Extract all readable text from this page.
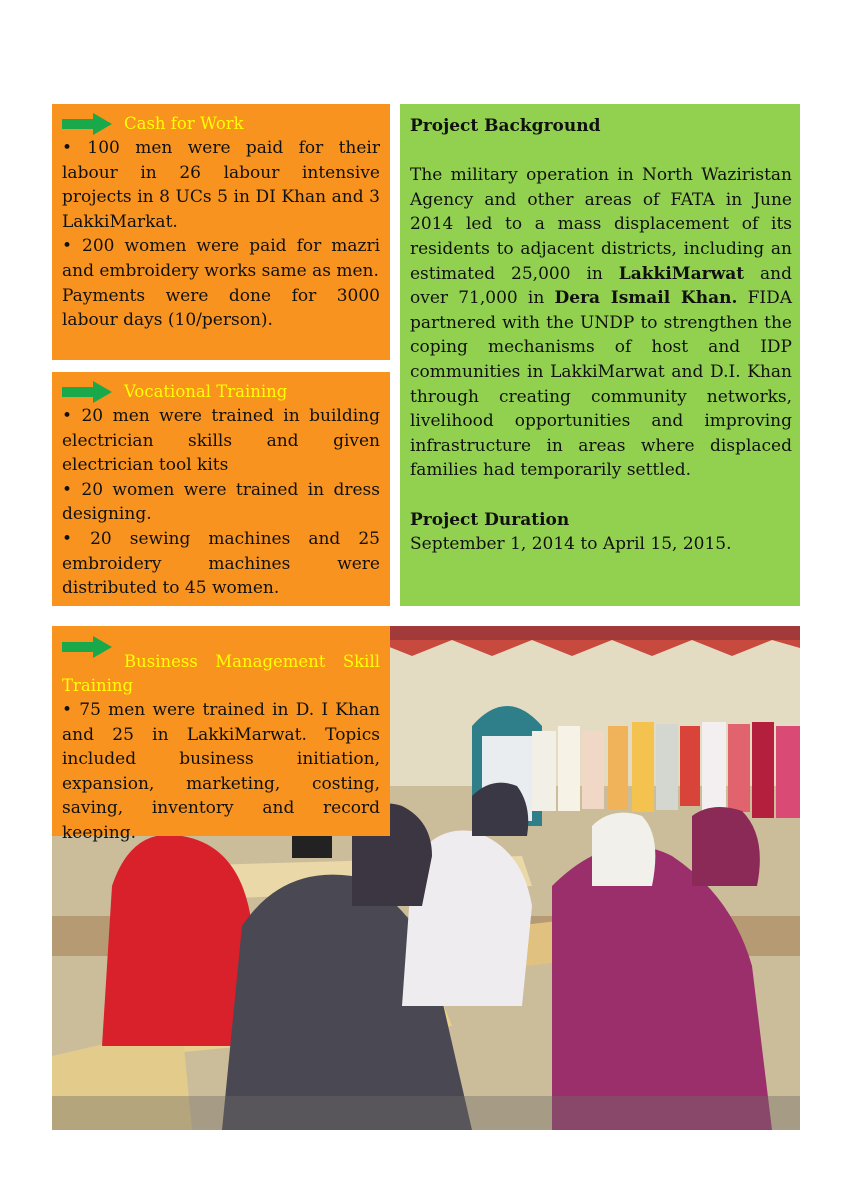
Cash for Work

• 100 men were paid for their labour in 26 labour intensive projects in 8 UCs 5 in DI Khan and 3 LakkiMarkat.

• 200 women were paid for mazri and embroidery works same as men.

Payments were done for 3000 labour days (10/person).

Vocational Training

• 20 men were trained in building electrician skills and given electrician tool kits

• 20 women were trained in dress designing.

• 20 sewing machines and 25 embroidery machines were distributed to 45 women.

Project Background

The military operation in North Waziristan Agency and other areas of FATA in June 2014 led to a mass displacement of its residents to adjacent districts, including an estimated 25,000 in LakkiMarwat and over 71,000 in Dera Ismail Khan. FIDA partnered with the UNDP to strengthen the coping mechanisms of host and IDP communities in LakkiMarwat and D.I. Khan through creating community networks, livelihood opportunities and improving infrastructure in areas where displaced families had temporarily settled.

Project Duration

September 1, 2014 to April 15, 2015.

Business Management Skill Training

• 75 men were trained in D. I Khan and 25 in LakkiMarwat. Topics included business initiation, expansion, marketing, costing, saving, inventory and record keeping.
